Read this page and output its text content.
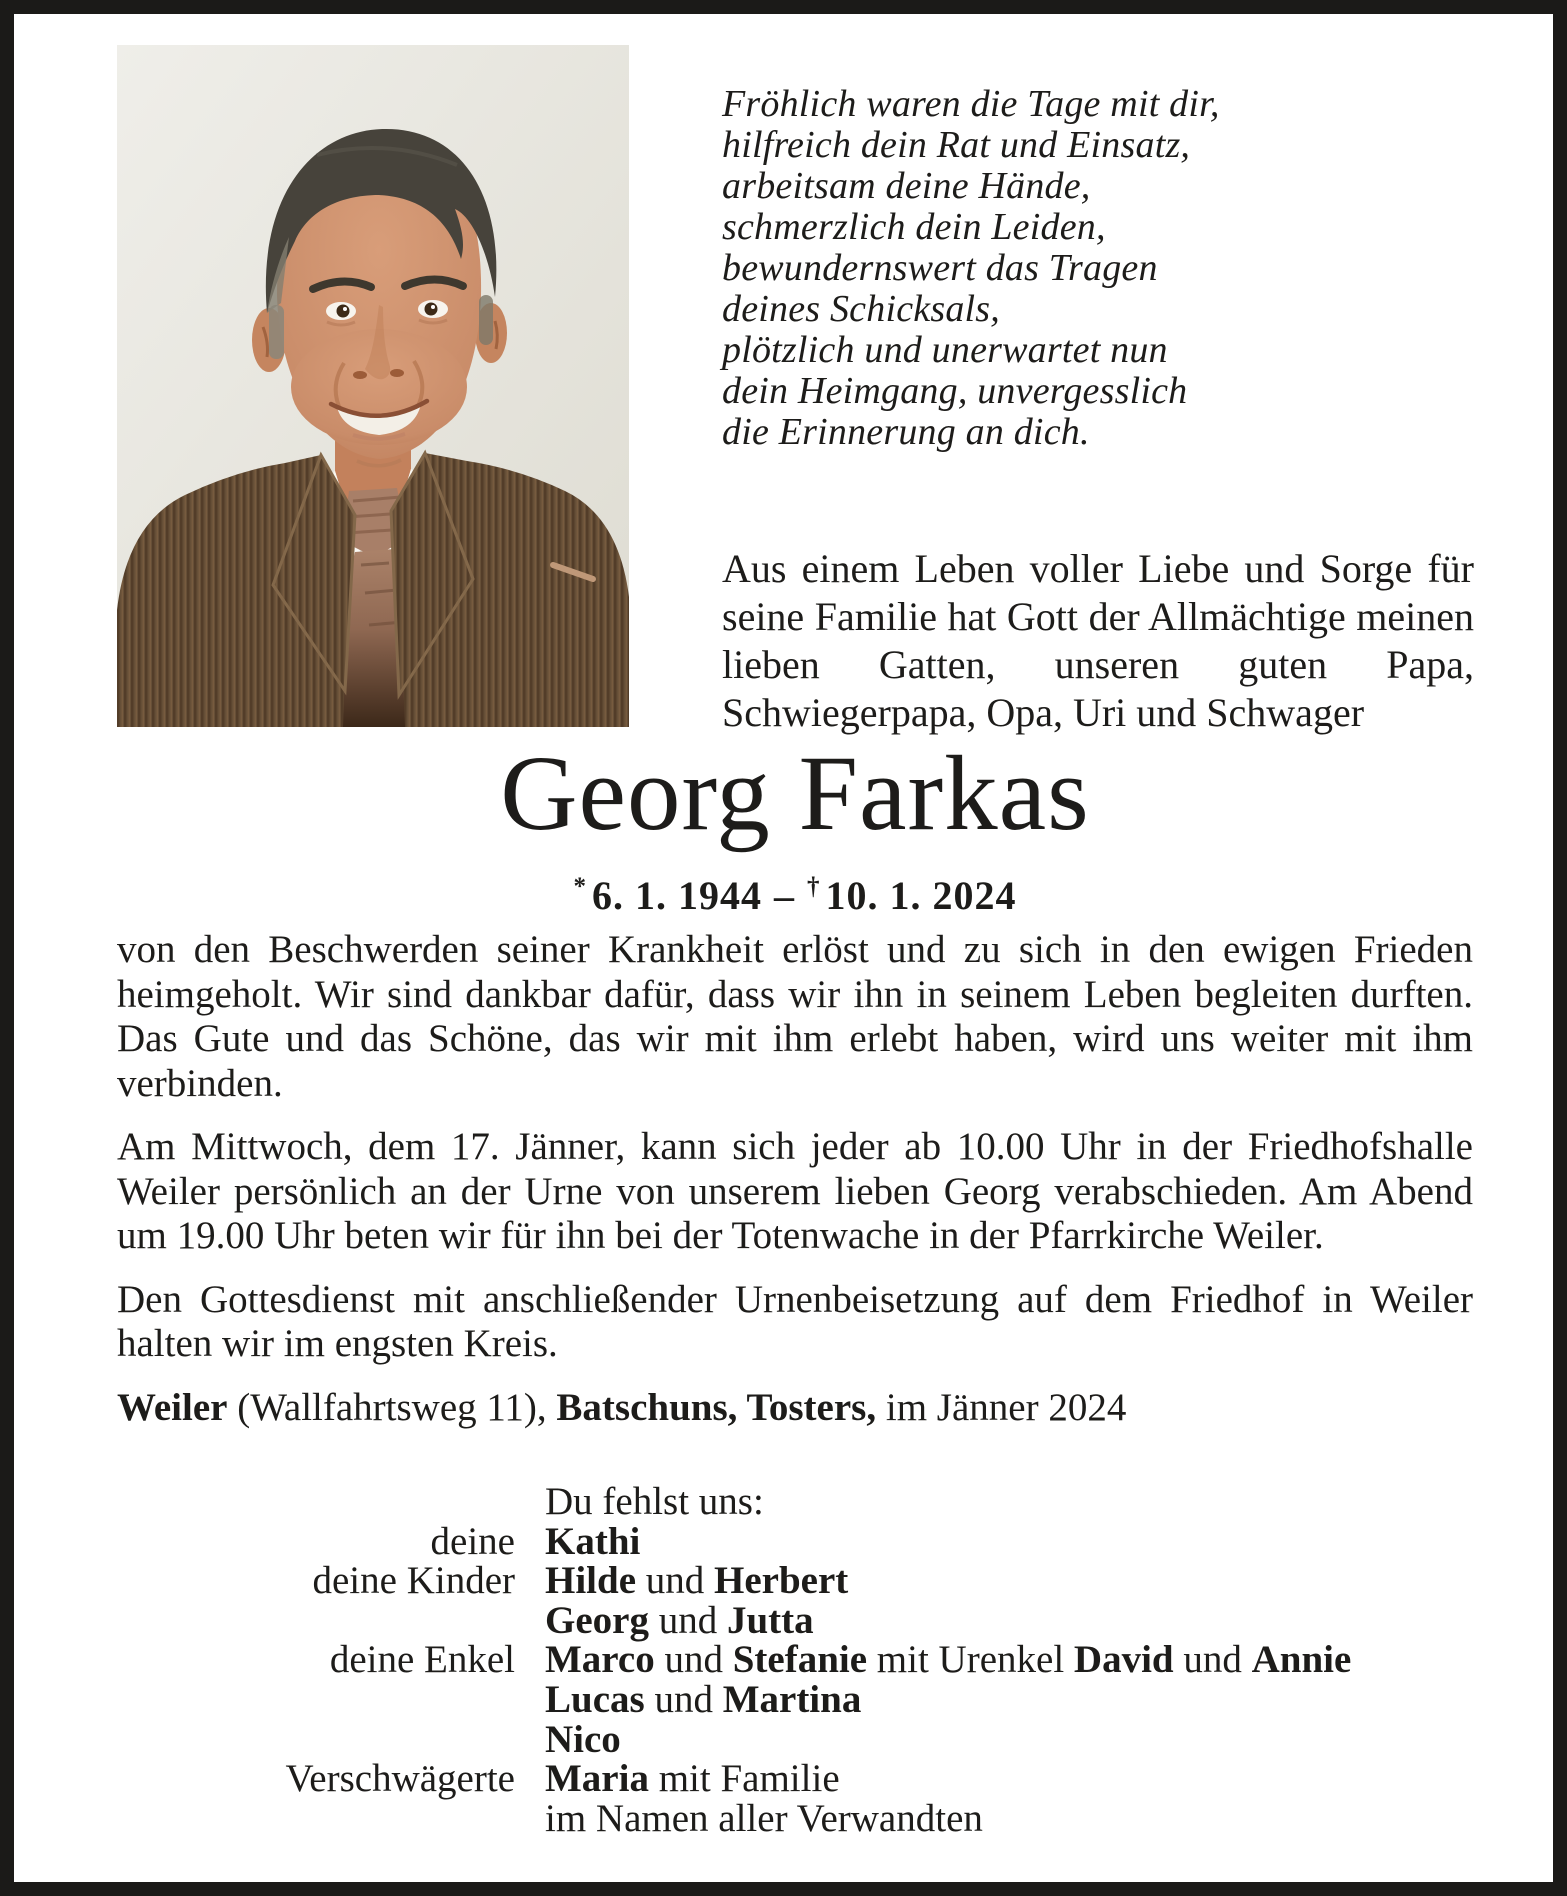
Fröhlich waren die Tage mit dir,
hilfreich dein Rat und Einsatz,
arbeitsam deine Hände,
schmerzlich dein Leiden,
bewundernswert das Tragen
deines Schicksals,
plötzlich und unerwartet nun
dein Heimgang, unvergesslich
die Erinnerung an dich.
Aus einem Leben voller Liebe und Sorge für seine Familie hat Gott der Allmächtige meinen lieben Gatten, unseren guten Papa, Schwiegerpapa, Opa, Uri und Schwager
Georg Farkas
* 6. 1. 1944 – † 10. 1. 2024

von den Beschwerden seiner Krankheit erlöst und zu sich in den ewigen Frieden heimgeholt. Wir sind dankbar dafür, dass wir ihn in seinem Leben begleiten durften. Das Gute und das Schöne, das wir mit ihm erlebt haben, wird uns weiter mit ihm verbinden.

Am Mittwoch, dem 17. Jänner, kann sich jeder ab 10.00 Uhr in der Friedhofshalle Weiler persönlich an der Urne von unserem lieben Georg verabschieden. Am Abend um 19.00 Uhr beten wir für ihn bei der Totenwache in der Pfarrkirche Weiler.

Den Gottesdienst mit anschließender Urnenbeisetzung auf dem Friedhof in Weiler halten wir im engsten Kreis.

Weiler (Wallfahrtsweg 11), Batschuns, Tosters, im Jänner 2024

Du fehlst uns:
deine Kathi
deine Kinder Hilde und Herbert
Georg und Jutta
deine Enkel Marco und Stefanie mit Urenkel David und Annie
Lucas und Martina
Nico
Verschwägerte Maria mit Familie
im Namen aller Verwandten
